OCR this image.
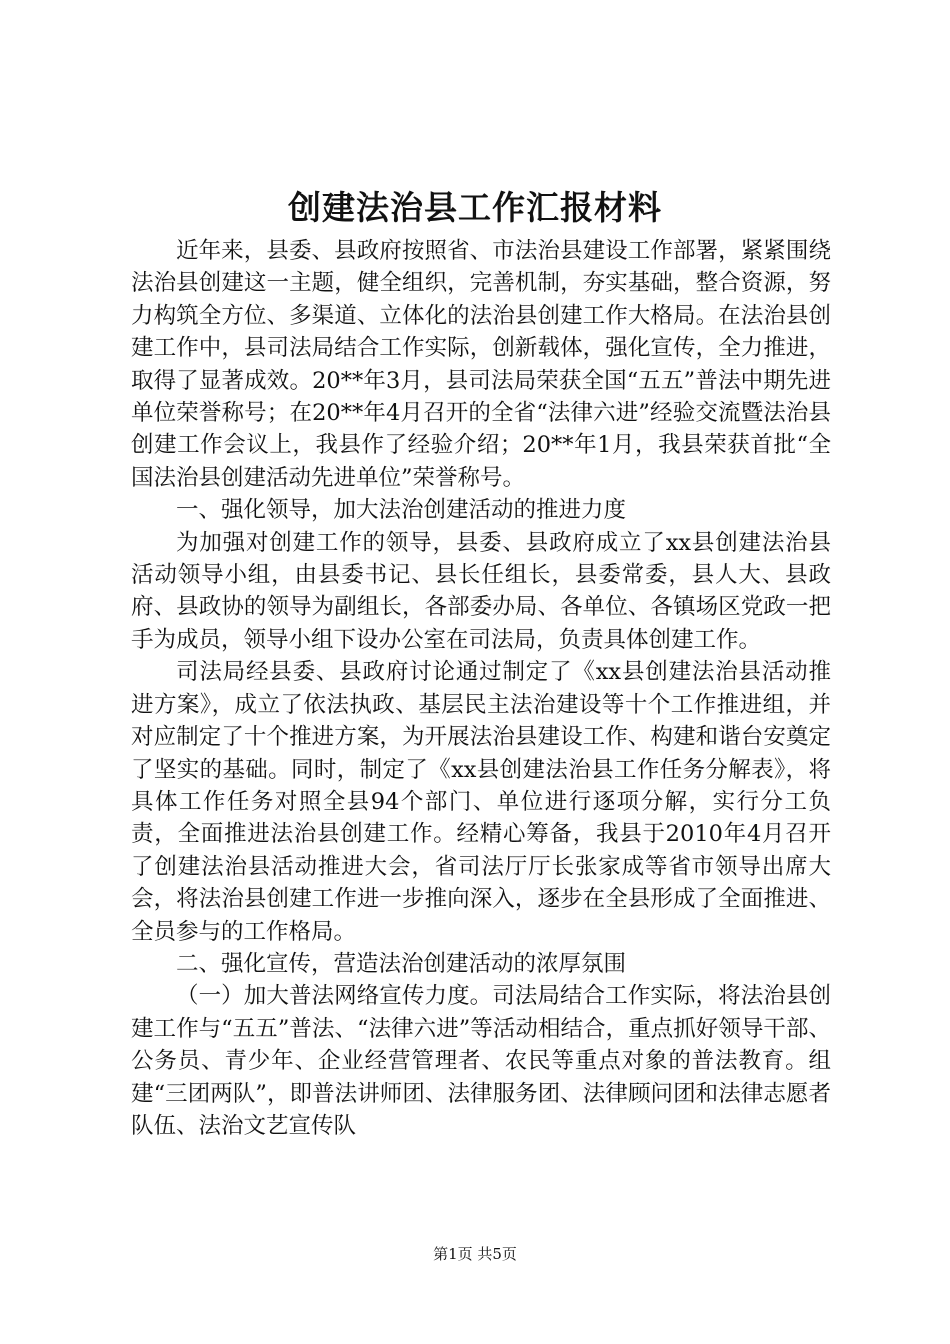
创建法治县工作汇报材料

近年来，县委、县政府按照省、市法治县建设工作部署，紧紧围绕法治县创建这一主题，健全组织，完善机制，夯实基础，整合资源，努力构筑全方位、多渠道、立体化的法治县创建工作大格局。在法治县创建工作中，县司法局结合工作实际，创新载体，强化宣传，全力推进，取得了显著成效。20**年3月，县司法局荣获全国“五五”普法中期先进单位荣誉称号；在20**年4月召开的全省“法律六进”经验交流暨法治县创建工作会议上，我县作了经验介绍；20**年1月，我县荣获首批“全国法治县创建活动先进单位”荣誉称号。

一、强化领导，加大法治创建活动的推进力度

为加强对创建工作的领导，县委、县政府成立了xx县创建法治县活动领导小组，由县委书记、县长任组长，县委常委，县人大、县政府、县政协的领导为副组长，各部委办局、各单位、各镇场区党政一把手为成员，领导小组下设办公室在司法局，负责具体创建工作。

司法局经县委、县政府讨论通过制定了《xx县创建法治县活动推进方案》，成立了依法执政、基层民主法治建设等十个工作推进组，并对应制定了十个推进方案，为开展法治县建设工作、构建和谐台安奠定了坚实的基础。同时，制定了《xx县创建法治县工作任务分解表》，将具体工作任务对照全县94个部门、单位进行逐项分解，实行分工负责，全面推进法治县创建工作。经精心筹备，我县于2010年4月召开了创建法治县活动推进大会，省司法厅厅长张家成等省市领导出席大会，将法治县创建工作进一步推向深入，逐步在全县形成了全面推进、全员参与的工作格局。

二、强化宣传，营造法治创建活动的浓厚氛围

（一）加大普法网络宣传力度。司法局结合工作实际，将法治县创建工作与“五五”普法、“法律六进”等活动相结合，重点抓好领导干部、公务员、青少年、企业经营管理者、农民等重点对象的普法教育。组建“三团两队”，即普法讲师团、法律服务团、法律顾问团和法律志愿者队伍、法治文艺宣传队

第1页 共5页
